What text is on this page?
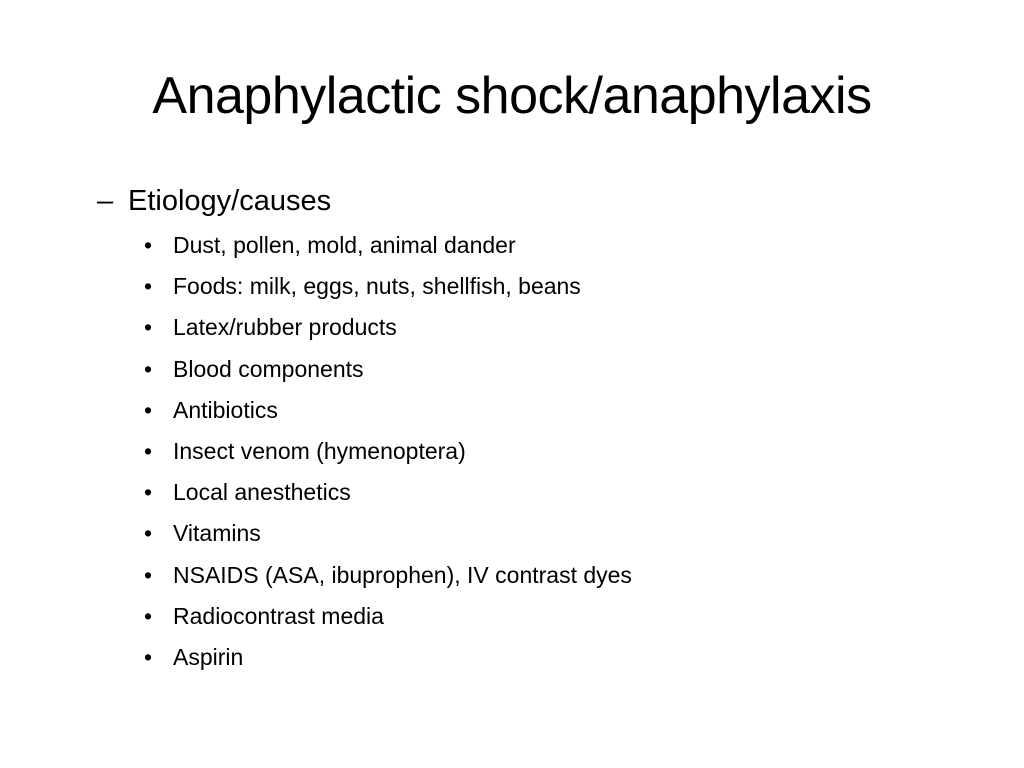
Anaphylactic shock/anaphylaxis
– Etiology/causes
• Dust, pollen, mold, animal dander
• Foods: milk, eggs, nuts, shellfish, beans
• Latex/rubber products
• Blood components
• Antibiotics
• Insect venom (hymenoptera)
• Local anesthetics
• Vitamins
• NSAIDS (ASA, ibuprophen), IV contrast dyes
• Radiocontrast media
• Aspirin
